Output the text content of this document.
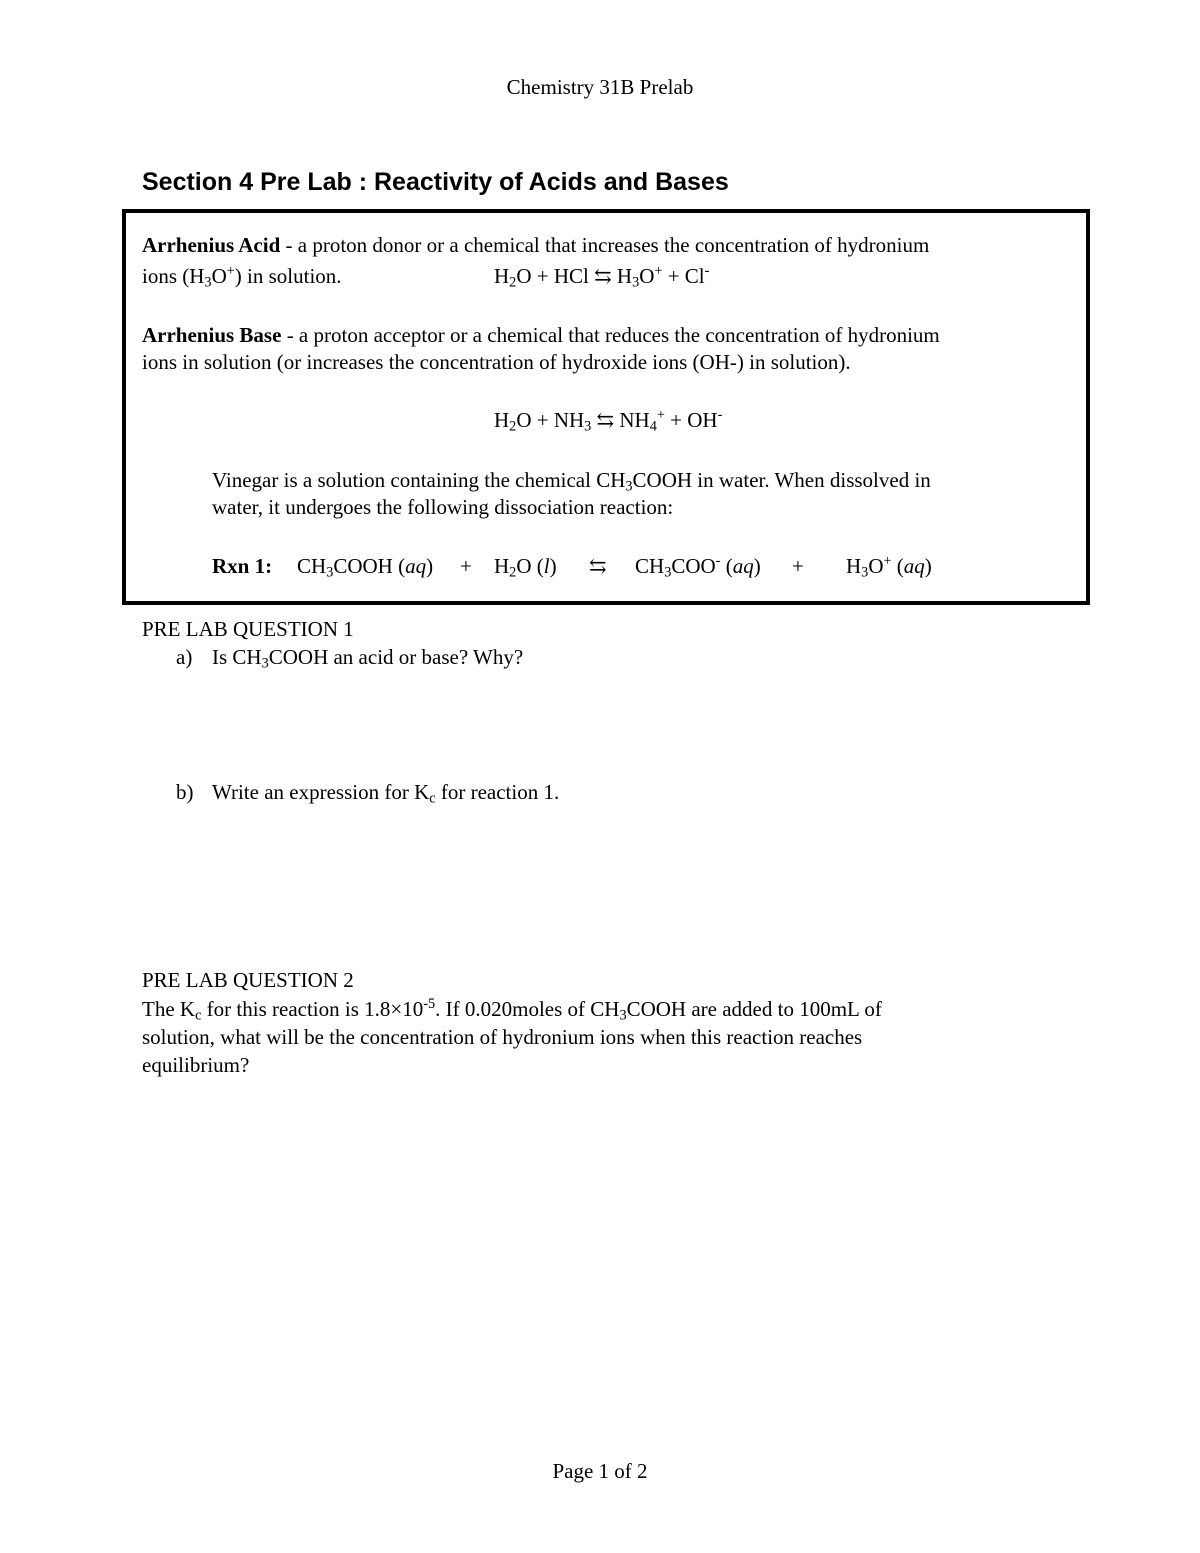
Chemistry 31B Prelab
Section 4 Pre Lab : Reactivity of Acids and Bases
Arrhenius Acid - a proton donor or a chemical that increases the concentration of hydronium
ions $(H_3O^+)$ in solution.	$H_2O$ + HCl ⇆ $H_3O^+ + Cl^-$
Arrhenius Base - a proton acceptor or a chemical that reduces the concentration of hydronium
ions in solution (or increases the concentration of hydroxide ions (OH-) in solution).
$H_2O + NH_3$ ⇆ $NH_4^+ + OH^-$
Vinegar is a solution containing the chemical $CH_3COOH$ in water. When dissolved in
water, it undergoes the following dissociation reaction:
Rxn 1: $CH_3COOH$ $(aq) + H_2O$ (l) ⇆ $CH_3COO^-$ $(aq) + H_3O^+$ (aq)
PRE LAB QUESTION 1
a) Is $CH_3COOH$ an acid or base? Why?
b) Write an expression for $K_c$ for reaction 1.
PRE LAB QUESTION 2
The $K_c$ for this reaction is $1.8\times 10^{-5}$. If 0.020moles of $CH_3COOH$ are added to 100mL of
solution, what will be the concentration of hydronium ions when this reaction reaches
equilibrium?
Page 1 of 2
